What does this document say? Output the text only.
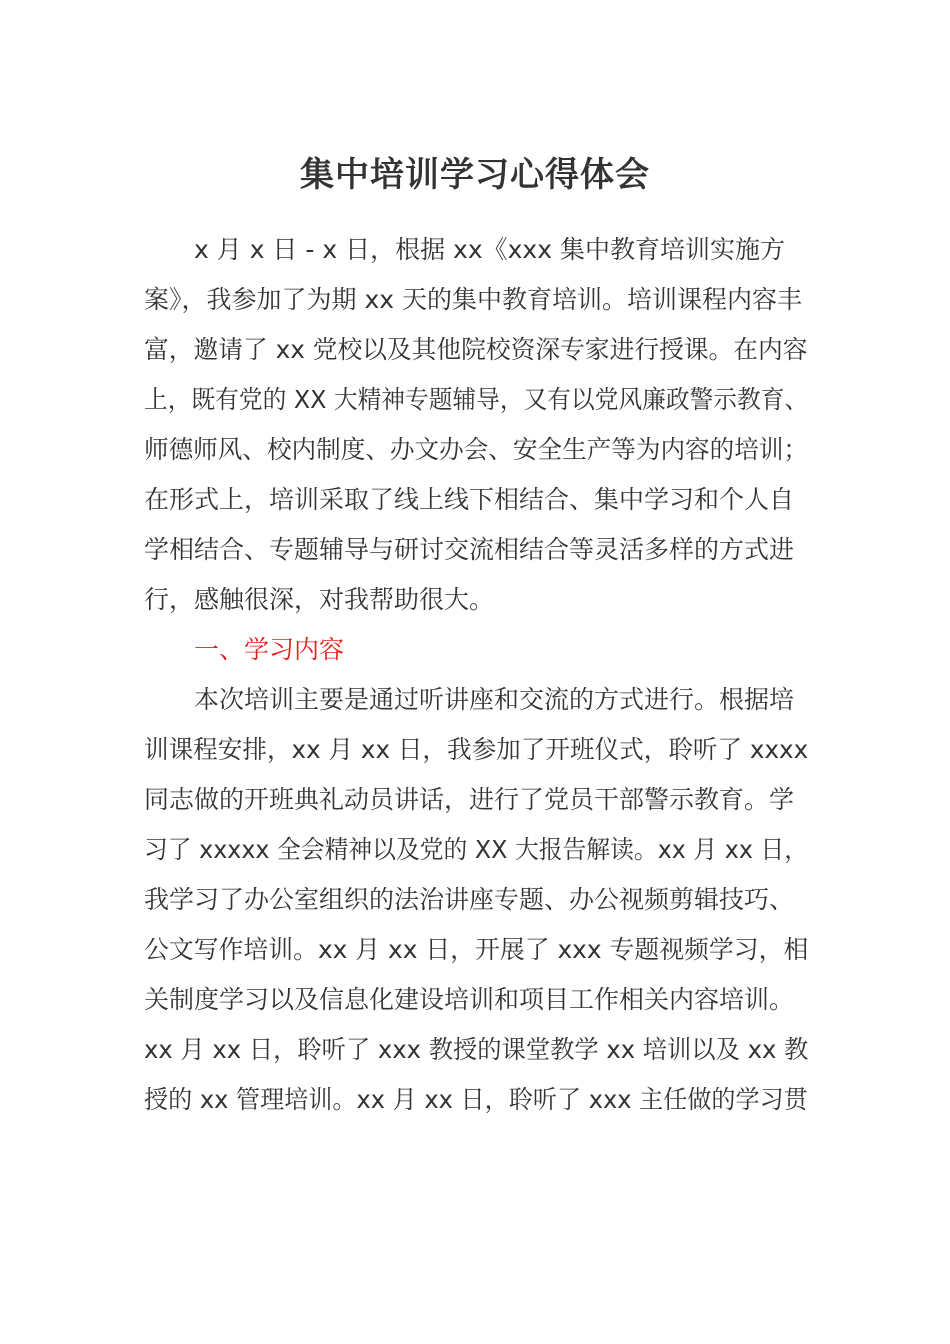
集中培训学习心得体会

x 月 x 日 - x 日，根据 xx《xxx 集中教育培训实施方

案》，我参加了为期 xx 天的集中教育培训。培训课程内容丰

富，邀请了 xx 党校以及其他院校资深专家进行授课。在内容

上，既有党的 XX 大精神专题辅导，又有以党风廉政警示教育、

师德师风、校内制度、办文办会、安全生产等为内容的培训；

在形式上，培训采取了线上线下相结合、集中学习和个人自

学相结合、专题辅导与研讨交流相结合等灵活多样的方式进

行，感触很深，对我帮助很大。

一、学习内容

本次培训主要是通过听讲座和交流的方式进行。根据培

训课程安排，xx 月 xx 日，我参加了开班仪式，聆听了 xxxx

同志做的开班典礼动员讲话，进行了党员干部警示教育。学

习了 xxxxx 全会精神以及党的 XX 大报告解读。xx 月 xx 日，

我学习了办公室组织的法治讲座专题、办公视频剪辑技巧、

公文写作培训。xx 月 xx 日，开展了 xxx 专题视频学习，相

关制度学习以及信息化建设培训和项目工作相关内容培训。

xx 月 xx 日，聆听了 xxx 教授的课堂教学 xx 培训以及 xx 教

授的 xx 管理培训。xx 月 xx 日，聆听了 xxx 主任做的学习贯
